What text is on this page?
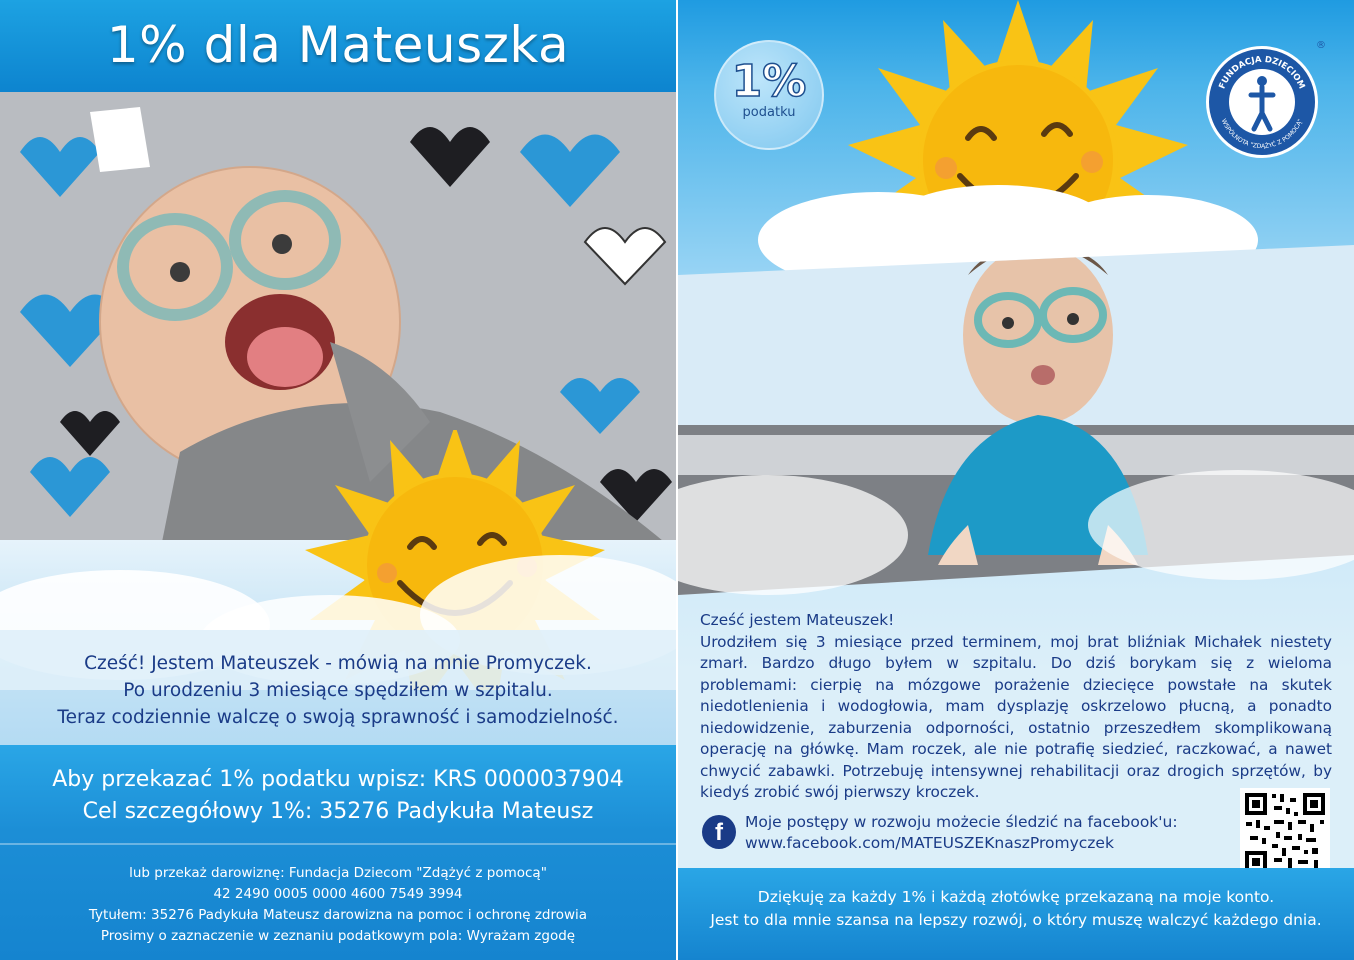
1% dla Mateuszka
Cześć! Jestem Mateuszek - mówią na mnie Promyczek.
Po urodzeniu 3 miesiące spędziłem w szpitalu.
Teraz codziennie walczę o swoją sprawność i samodzielność.
Aby przekazać 1% podatku wpisz: KRS 0000037904
Cel szczegółowy 1%: 35276 Padykuła Mateusz
lub przekaż darowiznę: Fundacja Dziecom "Zdążyć z pomocą"
42 2490 0005 0000 4600 7549 3994
Tytułem: 35276 Padykuła Mateusz darowizna na pomoc i ochronę zdrowia
Prosimy o zaznaczenie w zeznaniu podatkowym pola: Wyrażam zgodę
1%
podatku
FUNDACJA DZIECIOM
WSPÓLNOTA "ZDĄŻYĆ Z POMOCĄ"
®

Cześć jestem Mateuszek!

Urodziłem się 3 miesiące przed terminem, moj brat bliźniak Michałek niestety zmarł. Bardzo długo byłem w szpitalu. Do dziś borykam się z wieloma problemami: cierpię na mózgowe porażenie dziecięce powstałe na skutek niedotlenienia i wodogłowia, mam dysplazję oskrzelowo płucną, a ponadto niedowidzenie, zaburzenia odporności, ostatnio przeszedłem skomplikowaną operację na główkę. Mam roczek, ale nie potrafię siedzieć, raczkować, a nawet chwycić zabawki. Potrzebuję intensywnej rehabilitacji oraz drogich sprzętów, by kiedyś zrobić swój pierwszy kroczek.

f	Moje postępy w rozwoju możecie śledzić na facebook'u:
www.facebook.com/MATEUSZEKnaszPromyczek
Dziękuję za każdy 1% i każdą złotówkę przekazaną na moje konto.
Jest to dla mnie szansa na lepszy rozwój, o który muszę walczyć każdego dnia.
